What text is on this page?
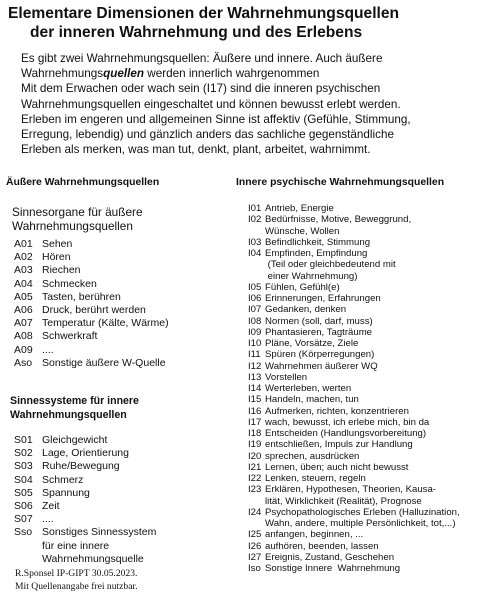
Elementare Dimensionen der Wahrnehmungsquellen
der inneren Wahrnehmung und des Erlebens
Es gibt zwei Wahrnehmungsquellen: Äußere und innere. Auch äußere
Wahrnehmungsquellen werden innerlich wahrgenommen
Mit dem Erwachen oder wach sein (I17) sind die inneren psychischen
Wahrnehmungsquellen eingeschaltet und können bewusst erlebt werden.
Erleben im engeren und allgemeinen Sinne ist affektiv (Gefühle, Stimmung,
Erregung, lebendig) und gänzlich anders das sachliche gegenständliche
Erleben als merken, was man tut, denkt, plant, arbeitet, wahrnimmt.
Äußere Wahrnehmungsquellen
Sinnesorgane für äußere
Wahrnehmungsquellen
A01 Sehen
A02 Hören
A03 Riechen
A04 Schmecken
A05 Tasten, berühren
A06 Druck, berührt werden
A07 Temperatur (Kälte, Wärme)
A08 Schwerkraft
A09 ....
Aso Sonstige äußere W-Quelle
Sinnessysteme für innere
Wahrnehmungsquellen
S01 Gleichgewicht
S02 Lage, Orientierung
S03 Ruhe/Bewegung
S04 Schmerz
S05 Spannung
S06 Zeit
S07 ....
Sso Sonstiges Sinnessystem
für eine innere
Wahrnehmungsquelle
Innere psychische Wahrnehmungsquellen
I01 Antrieb, Energie
I02 Bedürfnisse, Motive, Beweggrund,
Wünsche, Wollen
I03 Befindlichkeit, Stimmung
I04 Empfinden, Empfindung
(Teil oder gleichbedeutend mit
einer Wahrnehmung)
I05 Fühlen, Gefühl(e)
I06 Erinnerungen, Erfahrungen
I07 Gedanken, denken
I08 Normen (soll, darf, muss)
I09 Phantasieren, Tagträume
I10 Pläne, Vorsätze, Ziele
I11 Spüren (Körperregungen)
I12 Wahrnehmen äußerer WQ
I13 Vorstellen
I14 Werterleben, werten
I15 Handeln, machen, tun
I16 Aufmerken, richten, konzentrieren
I17 wach, bewusst, ich erlebe mich, bin da
I18 Entscheiden (Handlungsvorbereitung)
I19 entschließen, Impuls zur Handlung
I20 sprechen, ausdrücken
I21 Lernen, üben; auch nicht bewusst
I22 Lenken, steuern, regeln
I23 Erklären, Hypothesen, Theorien, Kausa-
lität, Wirklichkeit (Realität), Prognose
I24 Psychopathologisches Erleben (Halluzination,
Wahn, andere, multiple Persönlichkeit, tot,...)
I25 anfangen, beginnen, ...
I26 aufhören, beenden, lassen
I27 Ereignis, Zustand, Geschehen
Iso Sonstige Innere  Wahrnehmung
R.Sponsel IP-GIPT 30.05.2023.
Mit Quellenangabe frei nutzbar.
